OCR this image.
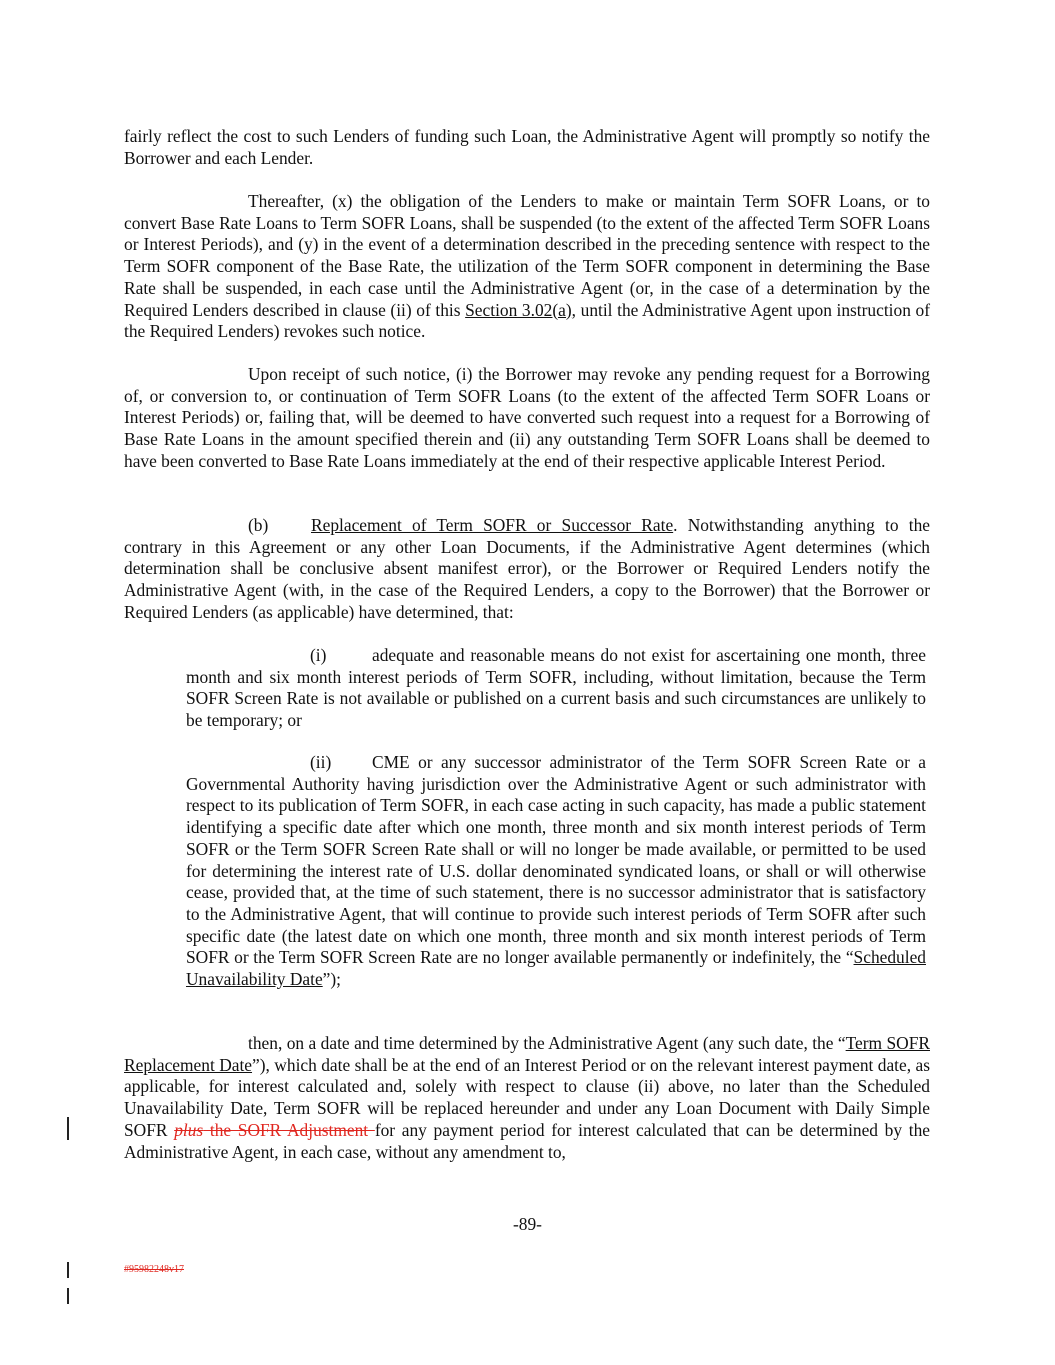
fairly reflect the cost to such Lenders of funding such Loan, the Administrative Agent will promptly so notify the Borrower and each Lender.

Thereafter, (x) the obligation of the Lenders to make or maintain Term SOFR Loans, or to convert Base Rate Loans to Term SOFR Loans, shall be suspended (to the extent of the affected Term SOFR Loans or Interest Periods), and (y) in the event of a determination described in the preceding sentence with respect to the Term SOFR component of the Base Rate, the utilization of the Term SOFR component in determining the Base Rate shall be suspended, in each case until the Administrative Agent (or, in the case of a determination by the Required Lenders described in clause (ii) of this Section 3.02(a), until the Administrative Agent upon instruction of the Required Lenders) revokes such notice.

Upon receipt of such notice, (i) the Borrower may revoke any pending request for a Borrowing of, or conversion to, or continuation of Term SOFR Loans (to the extent of the affected Term SOFR Loans or Interest Periods) or, failing that, will be deemed to have converted such request into a request for a Borrowing of Base Rate Loans in the amount specified therein and (ii) any outstanding Term SOFR Loans shall be deemed to have been converted to Base Rate Loans immediately at the end of their respective applicable Interest Period.

(b) Replacement of Term SOFR or Successor Rate. Notwithstanding anything to the contrary in this Agreement or any other Loan Documents, if the Administrative Agent determines (which determination shall be conclusive absent manifest error), or the Borrower or Required Lenders notify the Administrative Agent (with, in the case of the Required Lenders, a copy to the Borrower) that the Borrower or Required Lenders (as applicable) have determined, that:

(i)	adequate and reasonable means do not exist for ascertaining one month, three month and six month interest periods of Term SOFR, including, without limitation, because the Term SOFR Screen Rate is not available or published on a current basis and such circumstances are unlikely to be temporary; or

(ii) CME or any successor administrator of the Term SOFR Screen Rate or a Governmental Authority having jurisdiction over the Administrative Agent or such administrator with respect to its publication of Term SOFR, in each case acting in such capacity, has made a public statement identifying a specific date after which one month, three month and six month interest periods of Term SOFR or the Term SOFR Screen Rate shall or will no longer be made available, or permitted to be used for determining the interest rate of U.S. dollar denominated syndicated loans, or shall or will otherwise cease, provided that, at the time of such statement, there is no successor administrator that is satisfactory to the Administrative Agent, that will continue to provide such interest periods of Term SOFR after such specific date (the latest date on which one month, three month and six month interest periods of Term SOFR or the Term SOFR Screen Rate are no longer available permanently or indefinitely, the “Scheduled Unavailability Date”);

then, on a date and time determined by the Administrative Agent (any such date, the “Term SOFR Replacement Date”), which date shall be at the end of an Interest Period or on the relevant interest payment date, as applicable, for interest calculated and, solely with respect to clause (ii) above, no later than the Scheduled Unavailability Date, Term SOFR will be replaced hereunder and under any Loan Document with Daily Simple SOFR plus the SOFR Adjustment for any payment period for interest calculated that can be determined by the Administrative Agent, in each case, without any amendment to,

-89-
#95982248v17
